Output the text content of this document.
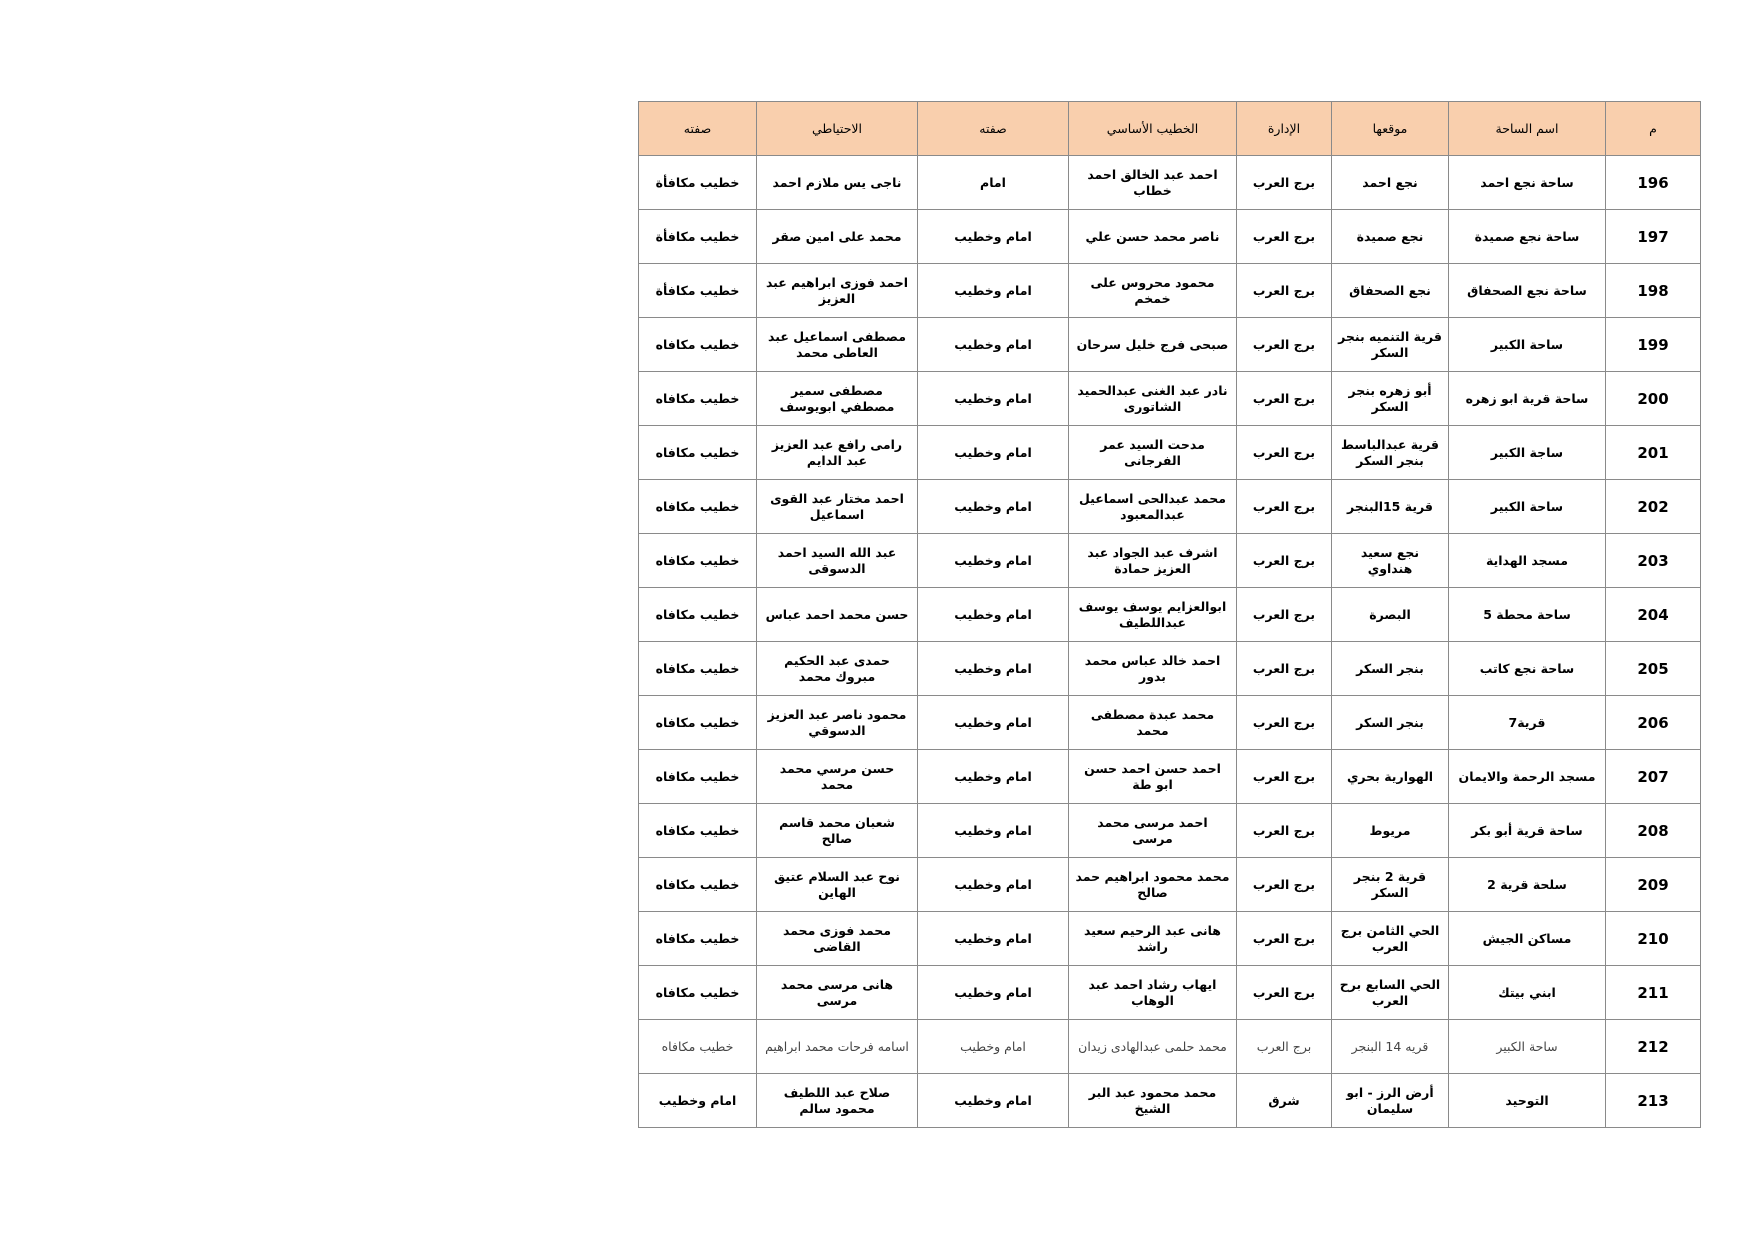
م	اسم الساحة	موقعها	الإدارة	الخطيب الأساسي	صفته	الاحتياطي	صفته
196	ساحة نجع احمد	نجع احمد	برج العرب	احمد عبد الخالق احمد خطاب	امام	ناجى يس ملازم احمد	خطيب مكافأة
197	ساحة نجع صميدة	نجع صميدة	برج العرب	ناصر محمد حسن علي	امام وخطيب	محمد على امين صقر	خطيب مكافأة
198	ساحة نجع الصحفاق	نجع الصحفاق	برج العرب	محمود محروس على خمخم	امام وخطيب	احمد فوزى ابراهيم عبد العزيز	خطيب مكافأة
199	ساحة الكبير	قرية التنميه بنجر السكر	برج العرب	صبحى فرج خليل سرحان	امام وخطيب	مصطفى اسماعيل عبد العاطى محمد	خطيب مكافاه
200	ساحة قرية ابو زهره	أبو زهره بنجر السكر	برج العرب	نادر عبد الغنى عبدالحميد الشاتورى	امام وخطيب	مصطفى سمير مصطفي ابويوسف	خطيب مكافاه
201	ساجة الكبير	قرية عبدالباسط بنجر السكر	برج العرب	مدحت السيد عمر الفرجانى	امام وخطيب	رامى رافع عبد العزيز عبد الدايم	خطيب مكافاه
202	ساحة الكبير	قرية 15البنجر	برج العرب	محمد عبدالحى اسماعيل عبدالمعبود	امام وخطيب	احمد مختار عبد القوى اسماعيل	خطيب مكافاه
203	مسجد الهداية	نجع سعيد هنداوي	برج العرب	اشرف عبد الجواد عبد العزيز حمادة	امام وخطيب	عبد الله السيد احمد الدسوقى	خطيب مكافاه
204	ساحة محطة 5	البصرة	برج العرب	ابوالعزايم يوسف يوسف عبداللطيف	امام وخطيب	حسن محمد احمد عباس	خطيب مكافاه
205	ساحة نجع كاتب	بنجر السكر	برج العرب	احمد خالد عباس محمد بدور	امام وخطيب	حمدى عبد الحكيم مبروك محمد	خطيب مكافاه
206	قرية7	بنجر السكر	برج العرب	محمد عبدة مصطفى محمد	امام وخطيب	محمود ناصر عبد العزيز الدسوقي	خطيب مكافاه
207	مسجد الرحمة والايمان	الهوارية بحري	برج العرب	احمد حسن احمد حسن ابو طة	امام وخطيب	حسن مرسي محمد محمد	خطيب مكافاه
208	ساحة قرية أبو بكر	مريوط	برج العرب	احمد مرسى محمد مرسى	امام وخطيب	شعبان محمد قاسم صالح	خطيب مكافاه
209	سلحة قرية 2	قرية 2 بنجر السكر	برج العرب	محمد محمود ابراهيم حمد صالح	امام وخطيب	نوح عبد السلام عتيق الهاين	خطيب مكافاه
210	مساكن الجيش	الحي الثامن برج العرب	برج العرب	هانى عبد الرحيم سعيد راشد	امام وخطيب	محمد فوزى محمد القاضى	خطيب مكافاه
211	ابني بيتك	الحي السابع برح العرب	برج العرب	ايهاب رشاد احمد عبد الوهاب	امام وخطيب	هانى مرسى محمد مرسى	خطيب مكافاه
212	ساحة الكبير	قريه 14 البنجر	برج العرب	محمد حلمى عبدالهادى زيدان	امام وخطيب	اسامه فرحات محمد ابراهيم	خطيب مكافاه
213	التوحيد	أرض الرز - ابو سليمان	شرق	محمد محمود عبد البر الشيخ	امام وخطيب	صلاح عبد اللطيف محمود سالم	امام وخطيب
